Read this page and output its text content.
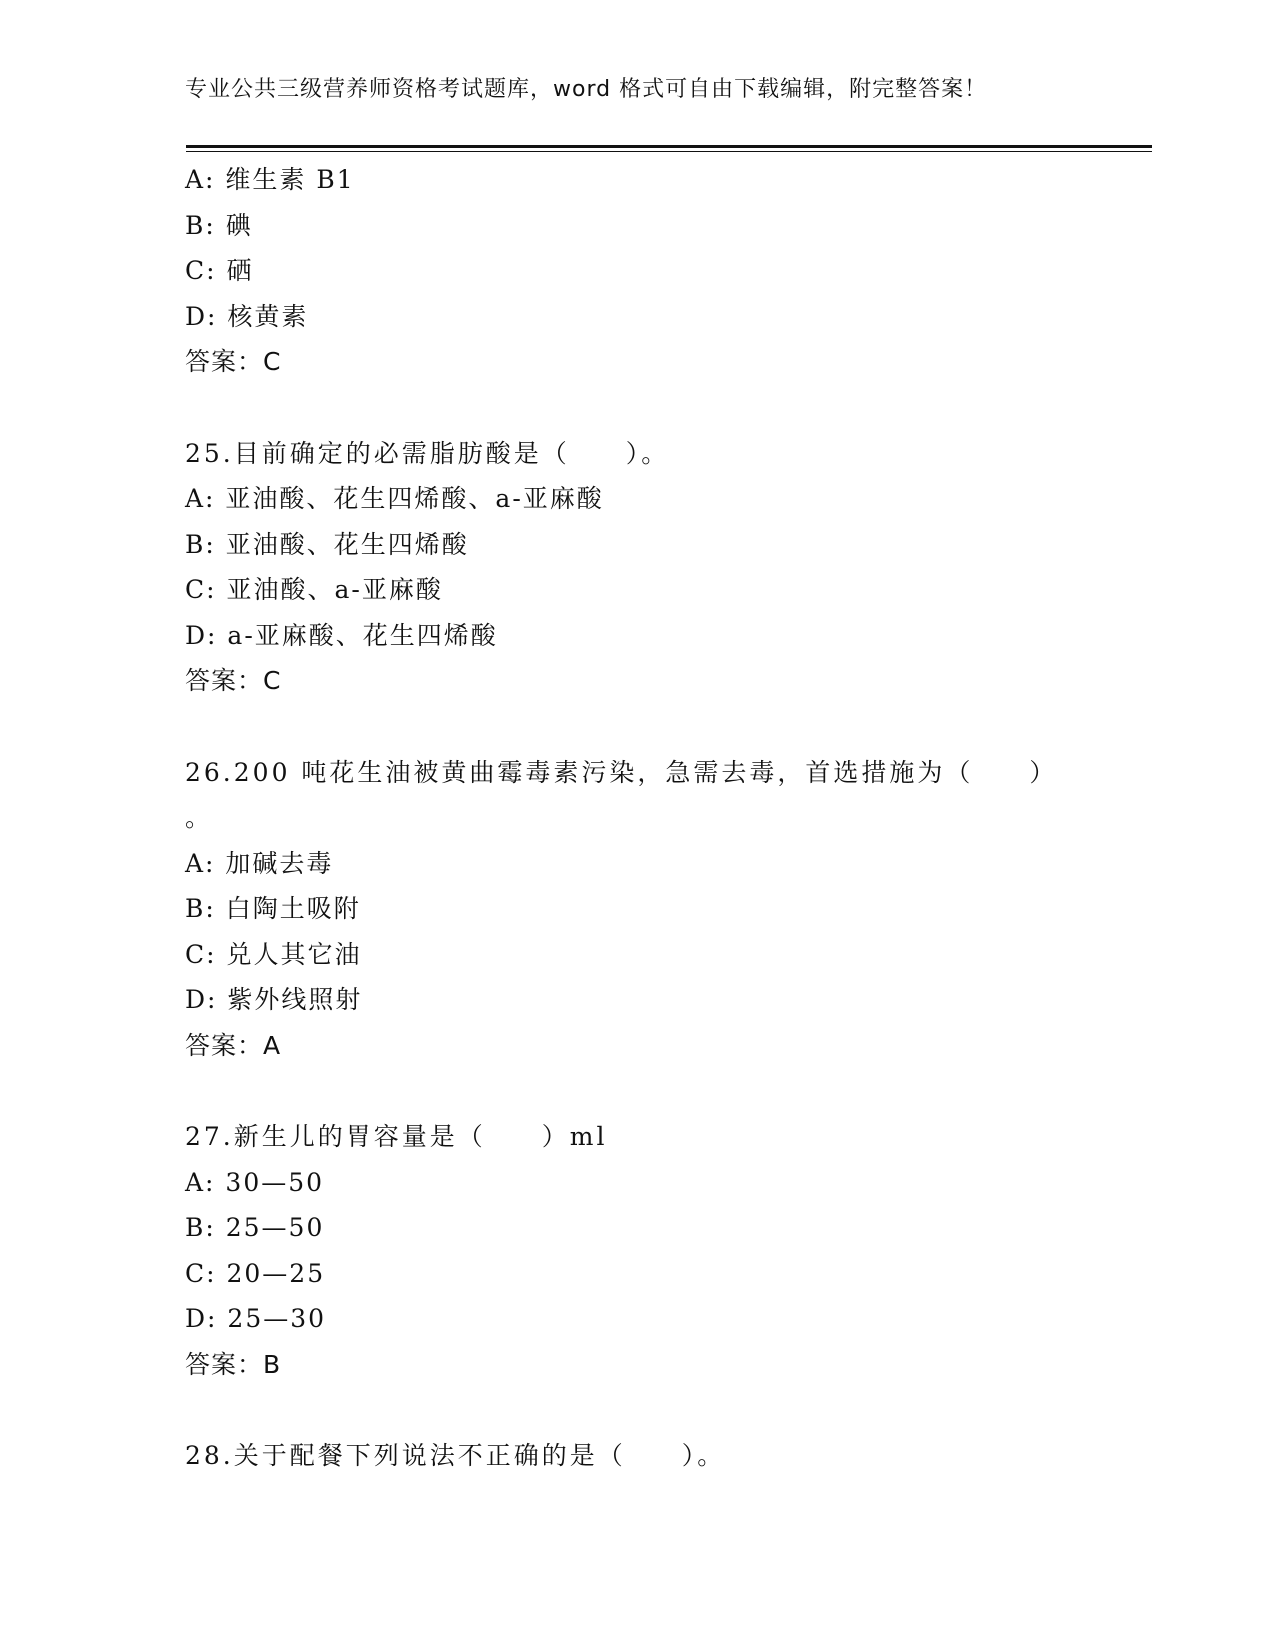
专业公共三级营养师资格考试题库，word 格式可自由下载编辑，附完整答案！
A: 维生素 B1
B: 碘
C: 硒
D: 核黄素
答案：C
25.目前确定的必需脂肪酸是（　　）。
A: 亚油酸、花生四烯酸、a-亚麻酸
B: 亚油酸、花生四烯酸
C: 亚油酸、a-亚麻酸
D: a-亚麻酸、花生四烯酸
答案：C
26.200 吨花生油被黄曲霉毒素污染，急需去毒，首选措施为（　　）
。
A: 加碱去毒
B: 白陶土吸附
C: 兑人其它油
D: 紫外线照射
答案：A
27.新生儿的胃容量是（　　）ml
A: 30—50
B: 25—50
C: 20—25
D: 25—30
答案：B
28.关于配餐下列说法不正确的是（　　）。
